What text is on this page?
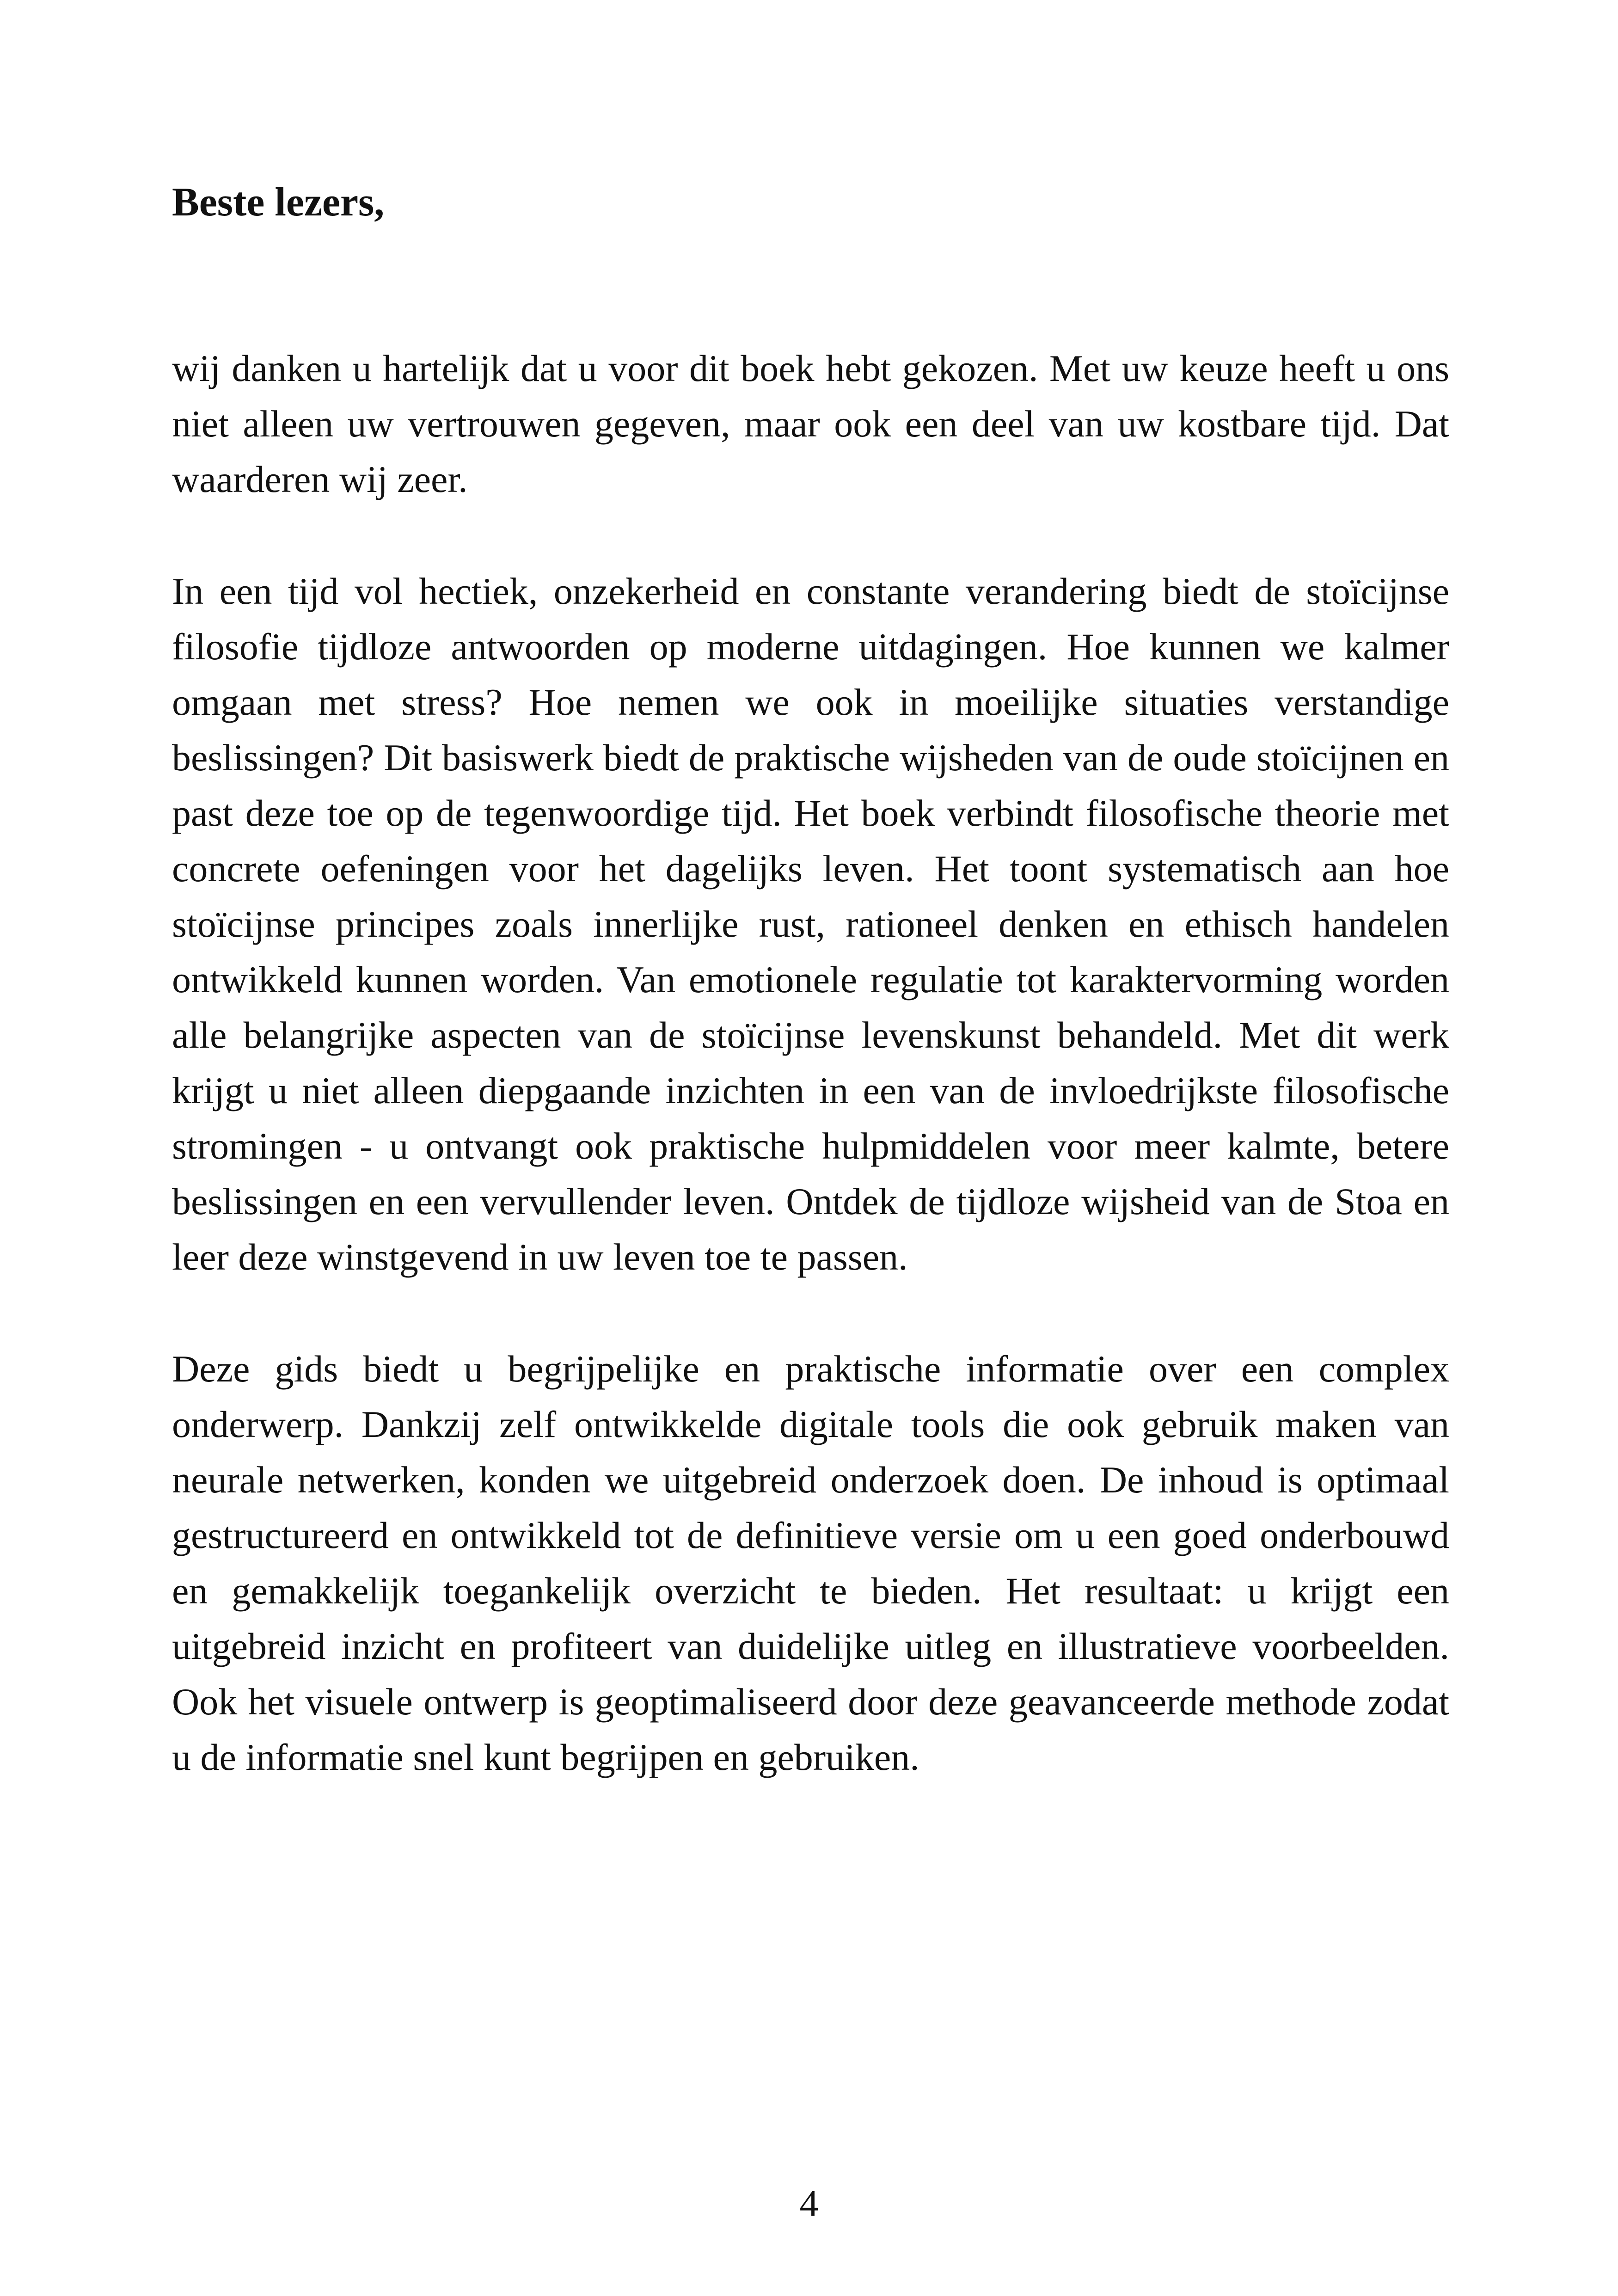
Beste lezers,

wij danken u hartelijk dat u voor dit boek hebt gekozen. Met uw keuze heeft u ons niet alleen uw vertrouwen gegeven, maar ook een deel van uw kostbare tijd. Dat waarderen wij zeer.

In een tijd vol hectiek, onzekerheid en constante verandering biedt de stoïcijnse filosofie tijdloze antwoorden op moderne uitdagingen. Hoe kunnen we kalmer omgaan met stress? Hoe nemen we ook in moeilijke situaties verstandige beslissingen? Dit basiswerk biedt de praktische wijsheden van de oude stoïcijnen en past deze toe op de tegenwoordige tijd. Het boek verbindt filosofische theorie met concrete oefeningen voor het dagelijks leven. Het toont systematisch aan hoe stoïcijnse principes zoals innerlijke rust, rationeel denken en ethisch handelen ontwikkeld kunnen worden. Van emotionele regulatie tot karaktervorming worden alle belangrijke aspecten van de stoïcijnse levenskunst behandeld. Met dit werk krijgt u niet alleen diepgaande inzichten in een van de invloedrijkste filosofische stromingen - u ontvangt ook praktische hulpmiddelen voor meer kalmte, betere beslissingen en een vervullender leven. Ontdek de tijdloze wijsheid van de Stoa en leer deze winstgevend in uw leven toe te passen.

Deze gids biedt u begrijpelijke en praktische informatie over een complex onderwerp. Dankzij zelf ontwikkelde digitale tools die ook gebruik maken van neurale netwerken, konden we uitgebreid onderzoek doen. De inhoud is optimaal gestructureerd en ontwikkeld tot de definitieve versie om u een goed onderbouwd en gemakkelijk toegankelijk overzicht te bieden. Het resultaat: u krijgt een uitgebreid inzicht en profiteert van duidelijke uitleg en illustratieve voorbeelden. Ook het visuele ontwerp is geoptimaliseerd door deze geavanceerde methode zodat u de informatie snel kunt begrijpen en gebruiken.

4
